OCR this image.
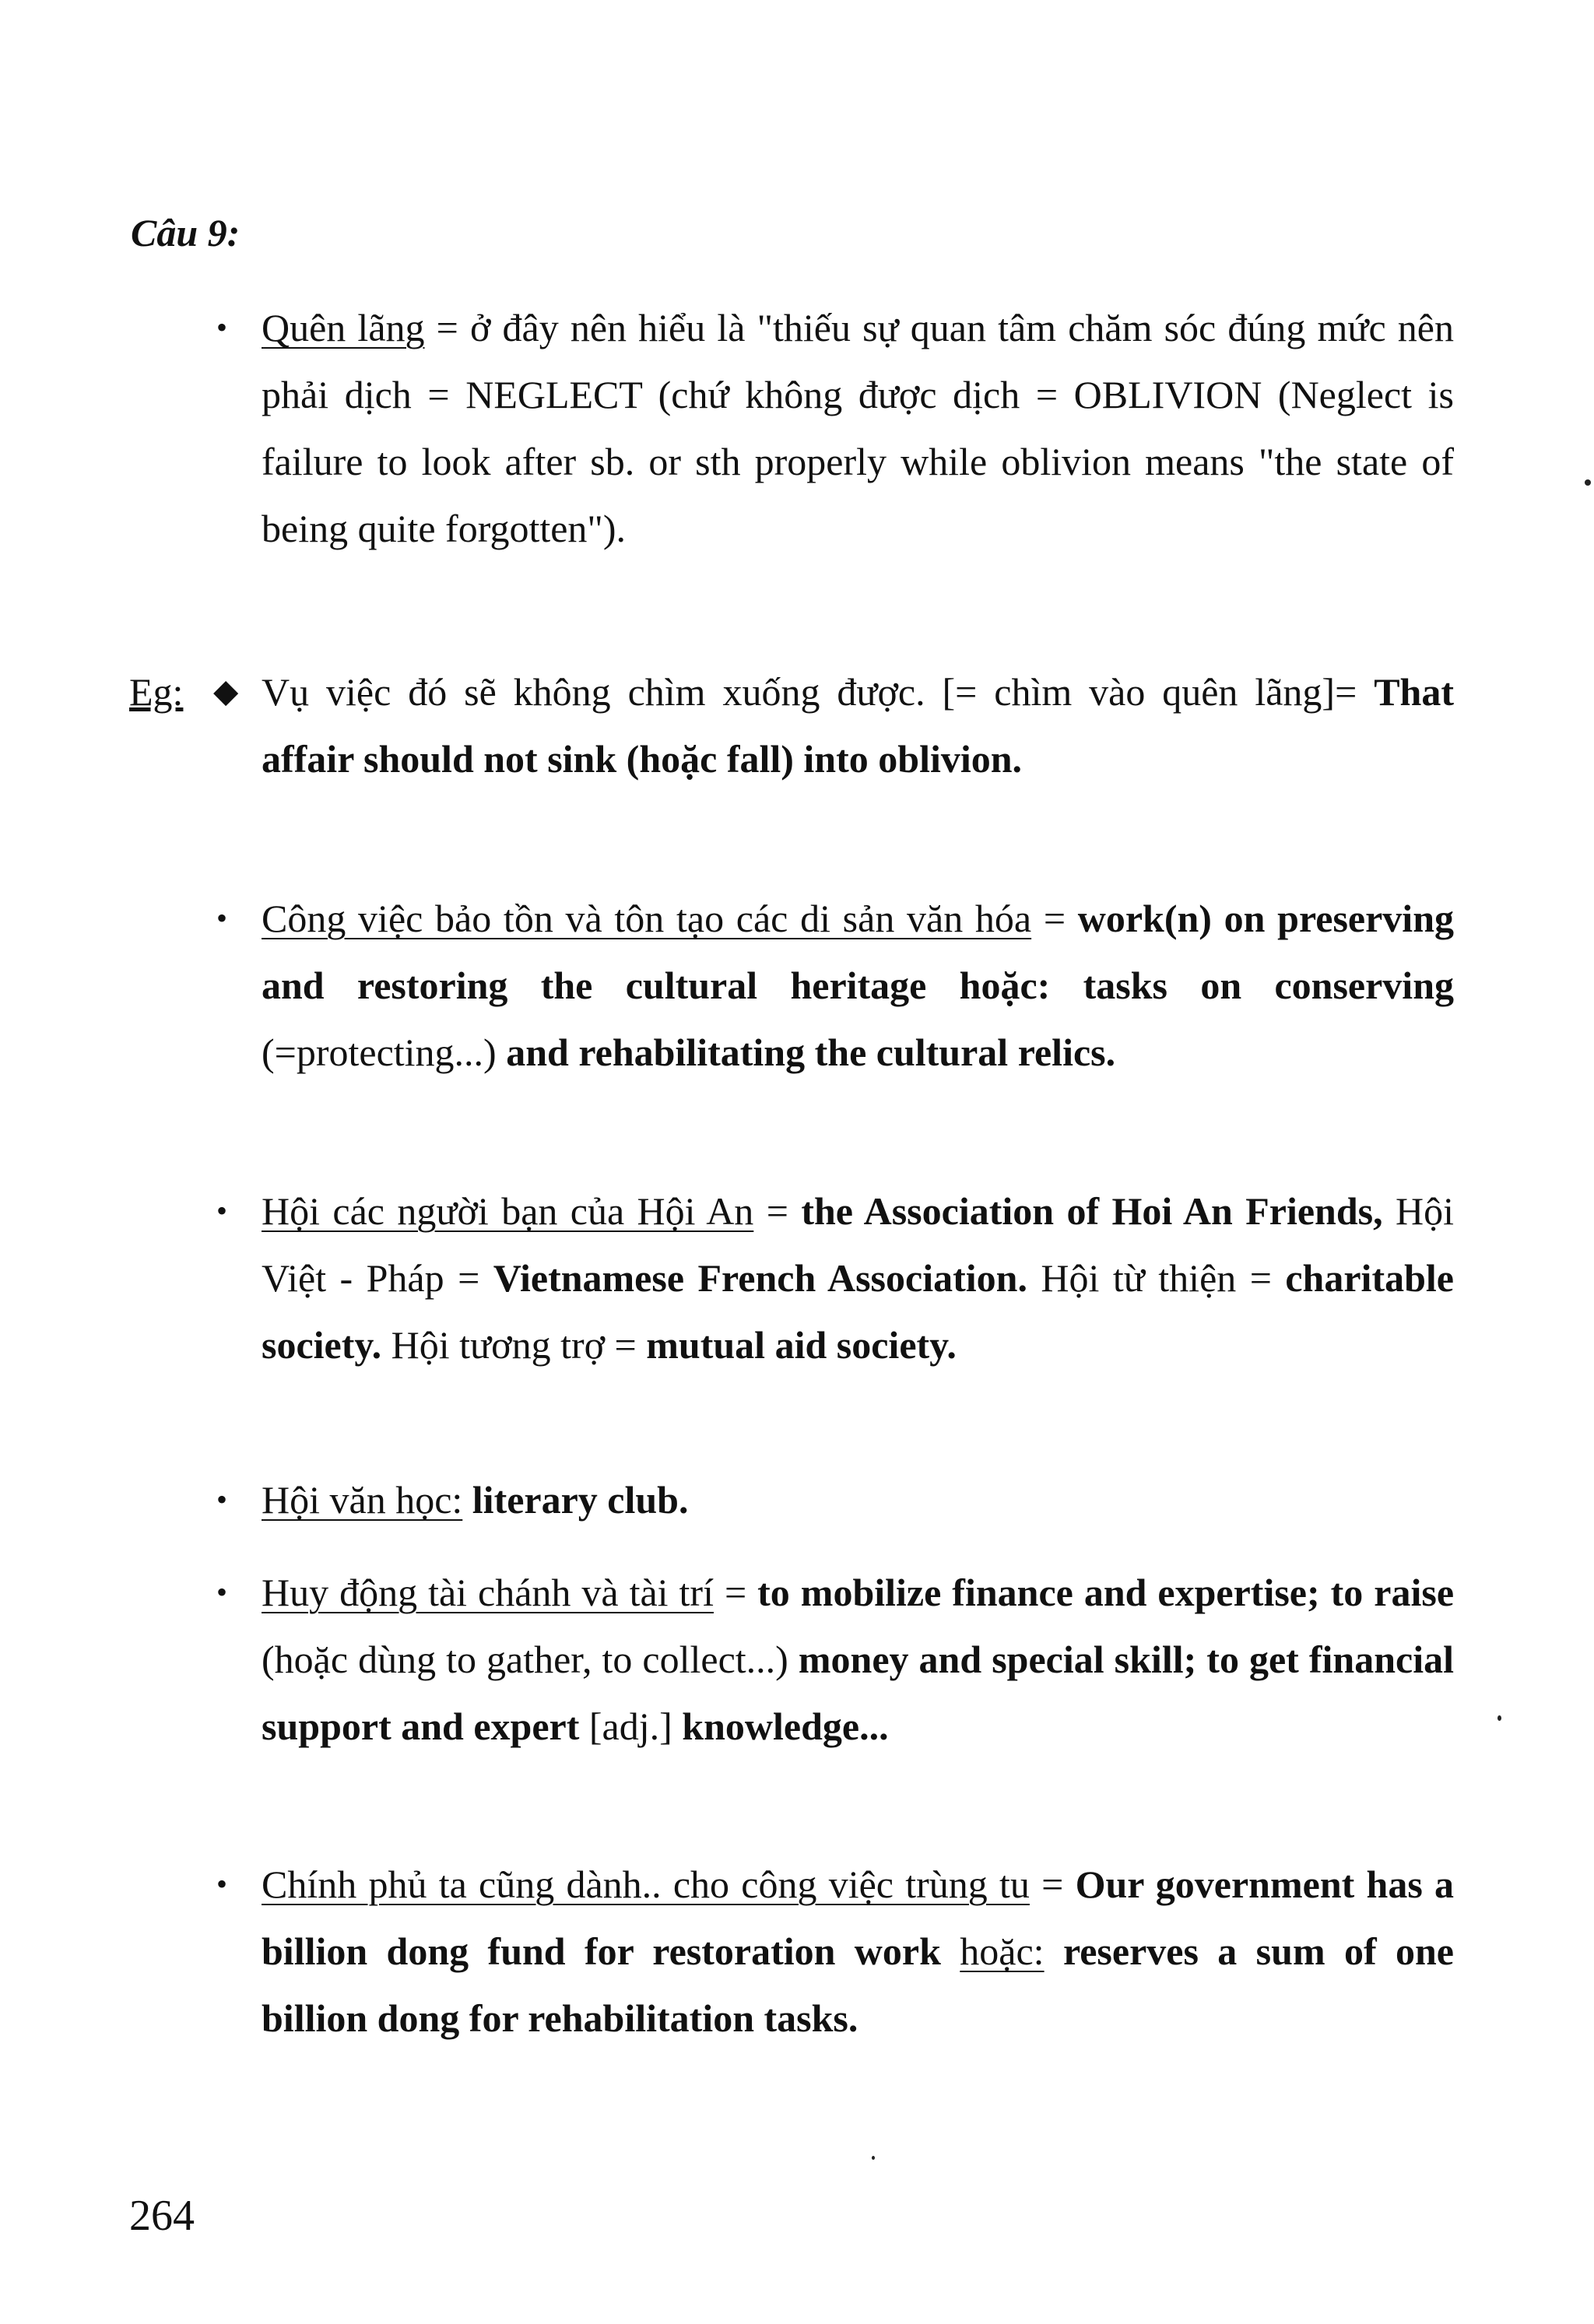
Câu 9:
• Quên lãng = ở đây nên hiểu là "thiếu sự quan tâm chăm sóc đúng mức nên phải dịch = NEGLECT (chứ không được dịch = OBLIVION (Neglect is failure to look after sb. or sth properly while oblivion means "the state of being quite forgotten").
Eg: ◆ Vụ việc đó sẽ không chìm xuống được. [= chìm vào quên lãng]= That affair should not sink (hoặc fall) into oblivion.
• Công việc bảo tồn và tôn tạo các di sản văn hóa = work(n) on preserving and restoring the cultural heritage hoặc: tasks on conserving (=protecting...) and rehabilitating the cultural relics.
• Hội các người bạn của Hội An = the Association of Hoi An Friends, Hội Việt - Pháp = Vietnamese French Association. Hội từ thiện = charitable society. Hội tương trợ = mutual aid society.
• Hội văn học: literary club.
• Huy động tài chánh và tài trí = to mobilize finance and expertise; to raise (hoặc dùng to gather, to collect...) money and special skill; to get financial support and expert [adj.] knowledge...
• Chính phủ ta cũng dành.. cho công việc trùng tu = Our government has a billion dong fund for restoration work hoặc: reserves a sum of one billion dong for rehabilitation tasks.

264
